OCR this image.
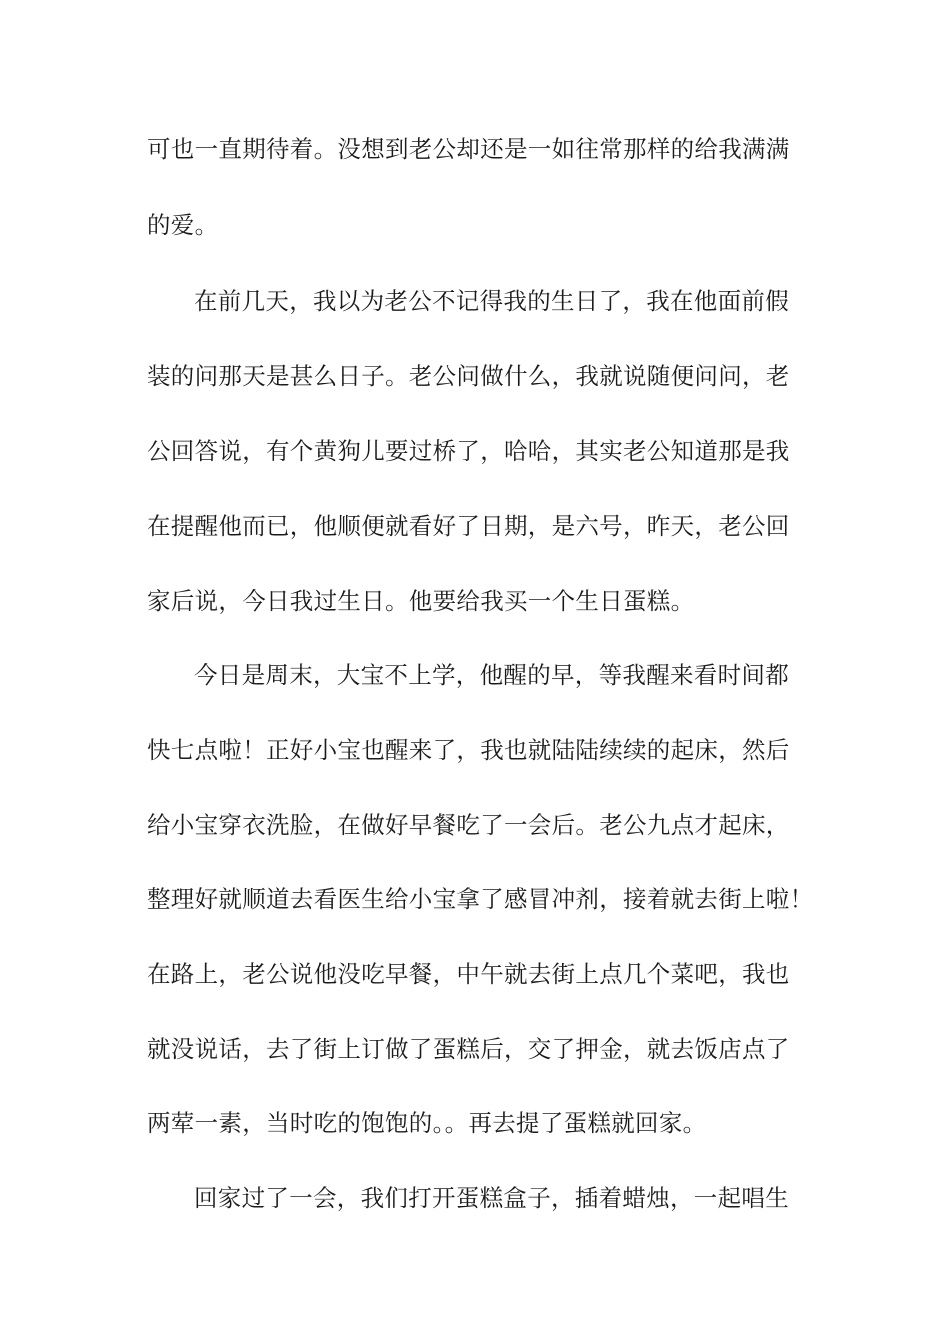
可也一直期待着。没想到老公却还是一如往常那样的给我满满
的爱。
在前几天，我以为老公不记得我的生日了，我在他面前假
装的问那天是甚么日子。老公问做什么，我就说随便问问，老
公回答说，有个黄狗儿要过桥了，哈哈，其实老公知道那是我
在提醒他而已，他顺便就看好了日期，是六号，昨天，老公回
家后说，今日我过生日。他要给我买一个生日蛋糕。
今日是周末，大宝不上学，他醒的早，等我醒来看时间都
快七点啦！正好小宝也醒来了，我也就陆陆续续的起床，然后
给小宝穿衣洗脸，在做好早餐吃了一会后。老公九点才起床，
整理好就顺道去看医生给小宝拿了感冒冲剂，接着就去街上啦！
在路上，老公说他没吃早餐，中午就去街上点几个菜吧，我也
就没说话，去了街上订做了蛋糕后，交了押金，就去饭店点了
两荤一素，当时吃的饱饱的。。再去提了蛋糕就回家。
回家过了一会，我们打开蛋糕盒子，插着蜡烛，一起唱生
